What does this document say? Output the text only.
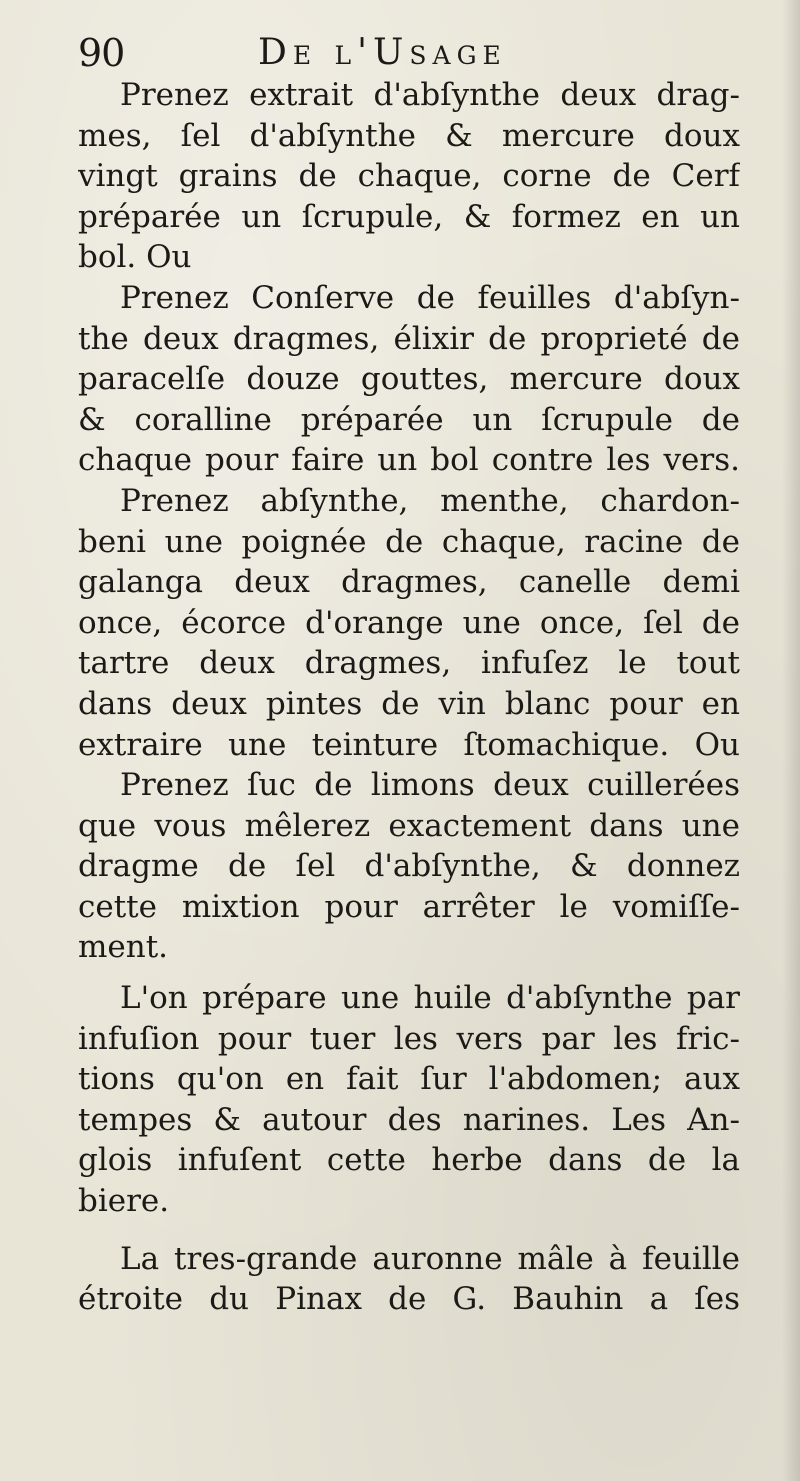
90	De l'Usage
Prenez extrait d'abſynthe deux drag-
mes, ſel d'abſynthe & mercure doux
vingt grains de chaque, corne de Cerf
préparée un ſcrupule, & formez en un
bol. Ou
Prenez Conſerve de feuilles d'abſyn-
the deux dragmes, élixir de proprieté de
paracelſe douze gouttes, mercure doux
& coralline préparée un ſcrupule de
chaque pour faire un bol contre les vers.
Prenez abſynthe, menthe, chardon-
beni une poignée de chaque, racine de
galanga deux dragmes, canelle demi
once, écorce d'orange une once, ſel de
tartre deux dragmes, infuſez le tout
dans deux pintes de vin blanc pour en
extraire une teinture ſtomachique. Ou
Prenez ſuc de limons deux cuillerées
que vous mêlerez exactement dans une
dragme de ſel d'abſynthe, & donnez
cette mixtion pour arrêter le vomiſſe-
ment.
L'on prépare une huile d'abſynthe par
infuſion pour tuer les vers par les fric-
tions qu'on en fait ſur l'abdomen; aux
tempes & autour des narines. Les An-
glois infuſent cette herbe dans de la
biere.
La tres-grande auronne mâle à feuille
étroite du Pinax de G. Bauhin a ſes
